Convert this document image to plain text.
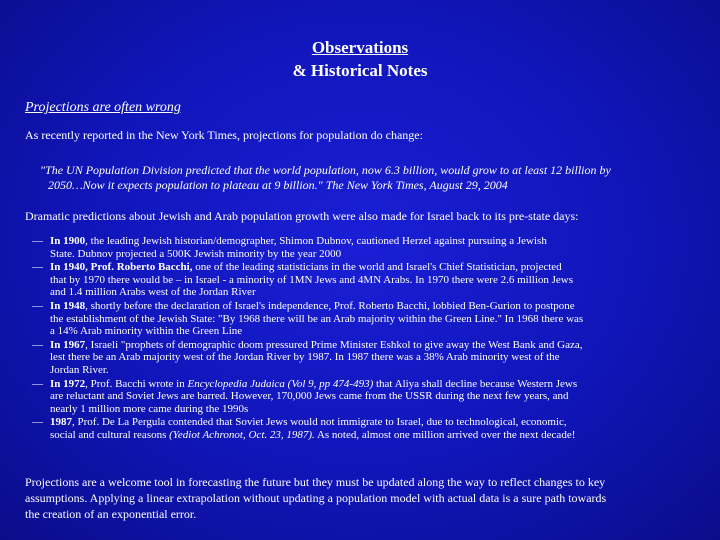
Observations
& Historical Notes
Projections are often wrong
As recently reported in the New York Times, projections for population do change:
"The UN Population Division predicted that the world population, now 6.3 billion, would grow to at least 12 billion by
2050…Now it expects population to plateau at 9 billion." The New York Times, August 29, 2004
Dramatic predictions about Jewish and Arab population growth were also made for Israel back to its pre-state days:
— In 1900, the leading Jewish historian/demographer, Shimon Dubnov, cautioned Herzel against pursuing a Jewish
State. Dubnov projected a 500K Jewish minority by the year 2000
— In 1940, Prof. Roberto Bacchi, one of the leading statisticians in the world and Israel's Chief Statistician, projected
that by 1970 there would be – in Israel - a minority of 1MN Jews and 4MN Arabs. In 1970 there were 2.6 million Jews
and 1.4 million Arabs west of the Jordan River
— In 1948, shortly before the declaration of Israel's independence, Prof. Roberto Bacchi, lobbied Ben-Gurion to postpone
the establishment of the Jewish State: "By 1968 there will be an Arab majority within the Green Line." In 1968 there was
a 14% Arab minority within the Green Line
— In 1967, Israeli "prophets of demographic doom pressured Prime Minister Eshkol to give away the West Bank and Gaza,
lest there be an Arab majority west of the Jordan River by 1987. In 1987 there was a 38% Arab minority west of the
Jordan River.
— In 1972, Prof. Bacchi wrote in Encyclopedia Judaica (Vol 9, pp 474-493) that Aliya shall decline because Western Jews
are reluctant and Soviet Jews are barred. However, 170,000 Jews came from the USSR during the next few years, and
nearly 1 million more came during the 1990s
— 1987, Prof. De La Pergula contended that Soviet Jews would not immigrate to Israel, due to technological, economic,
social and cultural reasons (Yediot Achronot, Oct. 23, 1987). As noted, almost one million arrived over the next decade!
Projections are a welcome tool in forecasting the future but they must be updated along the way to reflect changes to key
assumptions. Applying a linear extrapolation without updating a population model with actual data is a sure path towards
the creation of an exponential error.
